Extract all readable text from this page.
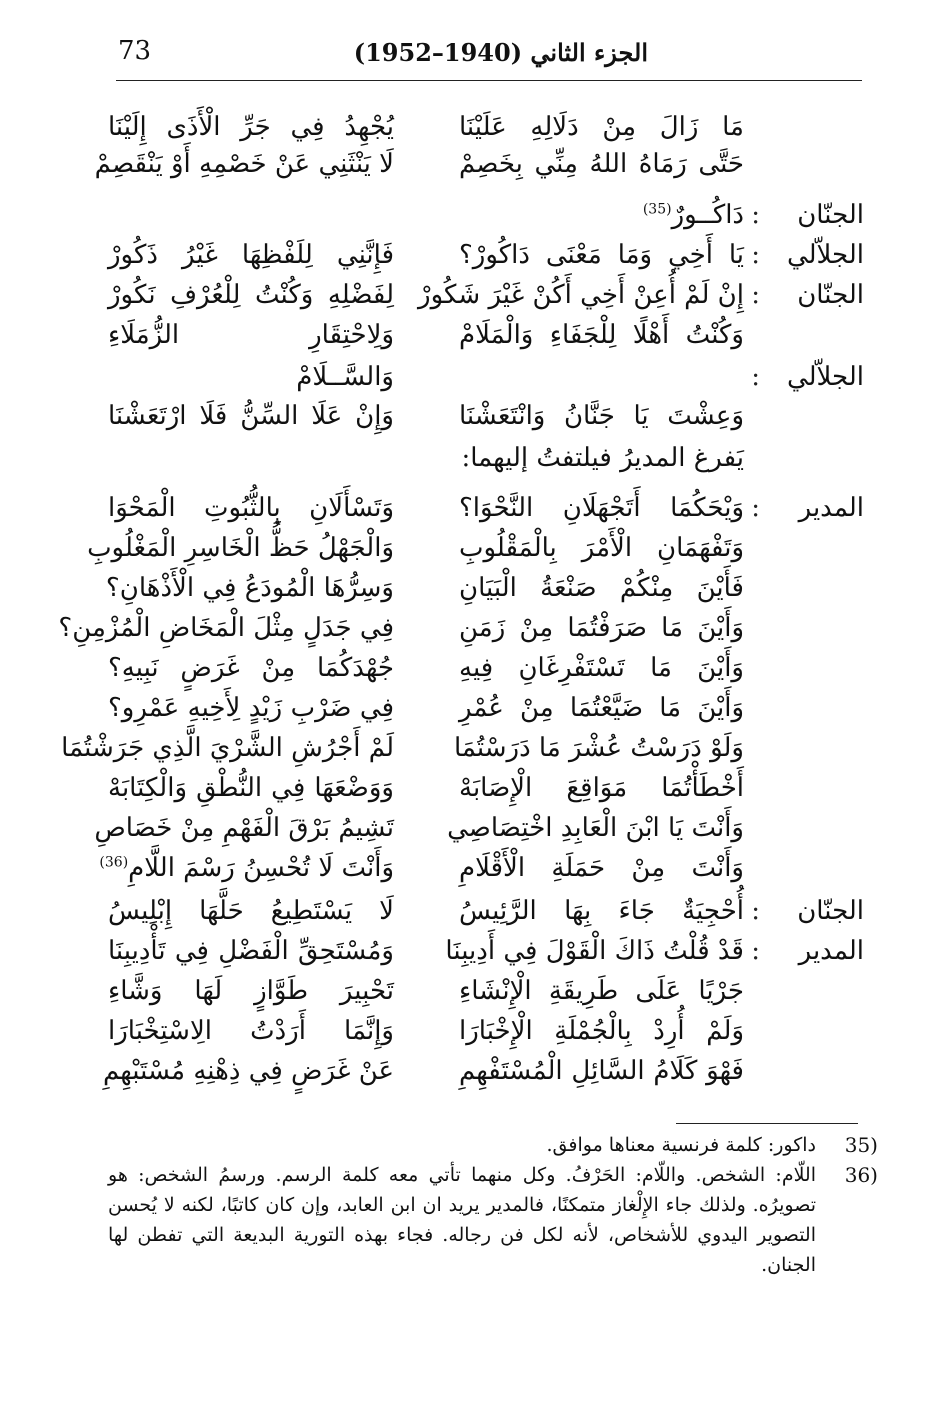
73	الجزء الثاني (1940–1952)
مَا زَالَ مِنْ دَلَالِهِ عَلَيْنَا
يُجْهِدُ فِي جَرِّ الْأَذَى إِلَيْنَا
حَتَّى رَمَاهُ اللهُ مِنِّي بِخَصِمْ
لَا يَنْثَنِي عَنْ خَصْمِهِ أَوْ يَنْقَصِمْ
الجنّان
:
دَاكُــورٌ$^{(35)}$
الجلاّلي
:
يَا أَخِي وَمَا مَعْنَى دَاكُورْ؟
فَإِنَّنِي لِلَفْظِهَا غَيْرُ ذَكُورْ
الجنّان
:
إِنْ لَمْ أُعِنْ أَخِي أَكُنْ غَيْرَ شَكُورْ
لِفَضْلِهِ وَكُنْتُ لِلْعُرْفِ نَكُورْ
وَكُنْتُ أَهْلًا لِلْجَفَاءِ وَالْمَلَامْ
وَلِاحْتِقَارِ الزُّمَلَاءِ
الجلاّلي
:
وَالسَّــلَامْ
وَعِشْتَ يَا جَنَّانُ وَانْتَعَشْنَا
وَإِنْ عَلَا السِّنُّ فَلَا ارْتَعَشْنَا
يَفرغ المديرُ فيلتفتُ إليهما:
المدير
:
وَيْحَكُمَا أَتَجْهَلَانِ النَّحْوَا؟
وَتَسْأَلَانِ بِالثُّبُوتِ الْمَحْوَا
وَتَفْهَمَانِ الْأَمْرَ بِالْمَقْلُوبِ
وَالْجَهْلُ حَظُّ الْخَاسِرِ الْمَغْلُوبِ
فَأَيْنَ مِنْكُمْ صَنْعَةُ الْبَيَانِ
وَسِرُّهَا الْمُودَعُ فِي الْأَذْهَانِ؟
وَأَيْنَ مَا صَرَفْتُمَا مِنْ زَمَنِ
فِي جَدَلٍ مِثْلَ الْمَخَاضِ الْمُزْمِنِ؟
وَأَيْنَ مَا تَسْتَفْرِغَانِ فِيهِ
جُهْدَكُمَا مِنْ غَرَضٍ نَبِيهِ؟
وَأَيْنَ مَا ضَيَّعْتُمَا مِنْ عُمْرِ
فِي ضَرْبِ زَيْدٍ لِأَخِيهِ عَمْرِو؟
وَلَوْ دَرَسْتُ عُشْرَ مَا دَرَسْتُمَا
لَمْ أَجْرُشِ الشَّرْيَ الَّذِي جَرَشْتُمَا
أَخْطَأْتُمَا مَوَاقِعَ الْإِصَابَهْ
وَوَضْعَهَا فِي النُّطْقِ وَالْكِتَابَهْ
وَأَنْتَ يَا ابْنَ الْعَابِدِ اخْتِصَاصِي
تَشِيمُ بَرْقَ الْفَهْمِ مِنْ خَصَاصِ
وَأَنْتَ مِنْ حَمَلَةِ الْأَقْلَامِ
وَأَنْتَ لَا تُحْسِنُ رَسْمَ اللَّامِ$^{(36)}$
الجنّان
:
أُحْجِيَةٌ جَاءَ بِهَا الرَّئِيسُ
لَا يَسْتَطِيعُ حَلَّهَا إِبْلِيسُ
المدير
:
قَدْ قُلْتُ ذَاكَ الْقَوْلَ فِي أَدِيبِنَا
وَمُسْتَحِقِّ الْفَضْلِ فِي تَأْدِيبِنَا
جَرْيًا عَلَى طَرِيقَةِ الْإِنْشَاءِ
تَحْبِيرَ طَوَّازٍ لَهَا وَشَّاءِ
وَلَمْ أُرِدْ بِالْجُمْلَةِ الْإِخْبَارَا
وَإِنَّمَا أَرَدْتُ الِاسْتِخْبَارَا
فَهْوَ كَلَامُ السَّائِلِ الْمُسْتَفْهِمِ
عَنْ غَرَضٍ فِي ذِهْنِهِ مُسْتَبْهِمِ
35)
داكور: كلمة فرنسية معناها موافق.
36)
اللّام: الشخص. واللّام: الحَرْفُ. وكل منهما تأتي معه كلمة الرسم. ورسمُ الشخص: هو تصويرُه. ولذلك جاء الإِلْغاز متمكنًا، فالمدير يريد ان ابن العابد، وإن كان كاتبًا، لكنه لا يُحسن التصوير اليدوي للأشخاص، لأنه لكل فن رجاله. فجاء بهذه التورية البديعة التي تفطن لها الجنان.
